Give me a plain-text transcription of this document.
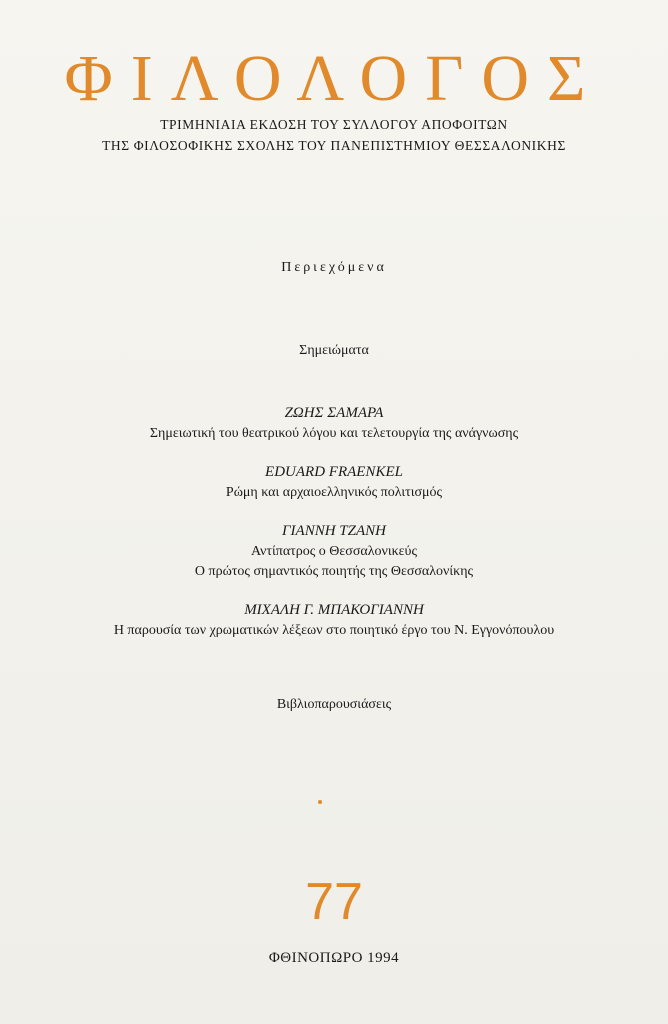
ΦΙΛΟΛΟΓΟΣ
ΤΡΙΜΗΝΙΑΙΑ ΕΚΔΟΣΗ ΤΟΥ ΣΥΛΛΟΓΟΥ ΑΠΟΦΟΙΤΩΝ
ΤΗΣ ΦΙΛΟΣΟΦΙΚΗΣ ΣΧΟΛΗΣ ΤΟΥ ΠΑΝΕΠΙΣΤΗΜΙΟΥ ΘΕΣΣΑΛΟΝΙΚΗΣ
Περιεχόμενα
Σημειώματα
ΖΩΗΣ ΣΑΜΑΡΑ
Σημειωτική του θεατρικού λόγου και τελετουργία της ανάγνωσης
EDUARD FRAENKEL
Ρώμη και αρχαιοελληνικός πολιτισμός
ΓΙΑΝΝΗ ΤΖΑΝΗ
Αντίπατρος ο Θεσσαλονικεύς
Ο πρώτος σημαντικός ποιητής της Θεσσαλονίκης
ΜΙΧΑΛΗ Γ. ΜΠΑΚΟΓΙΑΝΝΗ
Η παρουσία των χρωματικών λέξεων στο ποιητικό έργο του Ν. Εγγονόπουλου
Βιβλιοπαρουσιάσεις
77
ΦΘΙΝΟΠΩΡΟ 1994
